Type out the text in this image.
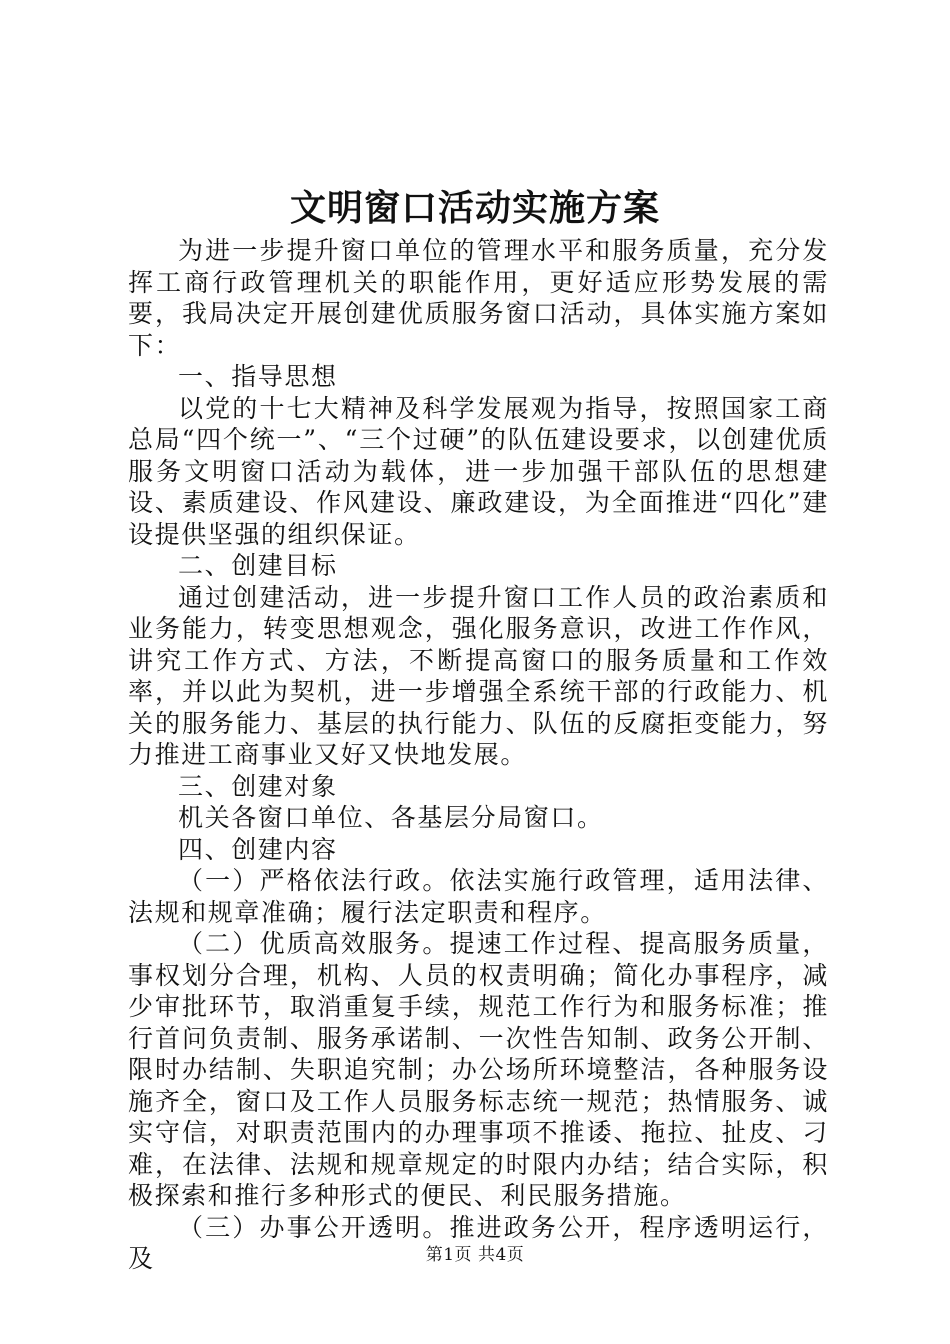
文明窗口活动实施方案

为进一步提升窗口单位的管理水平和服务质量，充分发挥工商行政管理机关的职能作用，更好适应形势发展的需要，我局决定开展创建优质服务窗口活动，具体实施方案如下：

一、指导思想

以党的十七大精神及科学发展观为指导，按照国家工商总局“四个统一”、“三个过硬”的队伍建设要求，以创建优质服务文明窗口活动为载体，进一步加强干部队伍的思想建设、素质建设、作风建设、廉政建设，为全面推进“四化”建设提供坚强的组织保证。

二、创建目标

通过创建活动，进一步提升窗口工作人员的政治素质和业务能力，转变思想观念，强化服务意识，改进工作作风，讲究工作方式、方法，不断提高窗口的服务质量和工作效率，并以此为契机，进一步增强全系统干部的行政能力、机关的服务能力、基层的执行能力、队伍的反腐拒变能力，努力推进工商事业又好又快地发展。

三、创建对象

机关各窗口单位、各基层分局窗口。

四、创建内容

（一）严格依法行政。依法实施行政管理，适用法律、法规和规章准确；履行法定职责和程序。

（二）优质高效服务。提速工作过程、提高服务质量，事权划分合理，机构、人员的权责明确；简化办事程序，减少审批环节，取消重复手续，规范工作行为和服务标准；推行首问负责制、服务承诺制、一次性告知制、政务公开制、限时办结制、失职追究制；办公场所环境整洁，各种服务设施齐全，窗口及工作人员服务标志统一规范；热情服务、诚实守信，对职责范围内的办理事项不推诿、拖拉、扯皮、刁难，在法律、法规和规章规定的时限内办结；结合实际，积极探索和推行多种形式的便民、利民服务措施。

（三）办事公开透明。推进政务公开，程序透明运行，及	第1页 共4页
